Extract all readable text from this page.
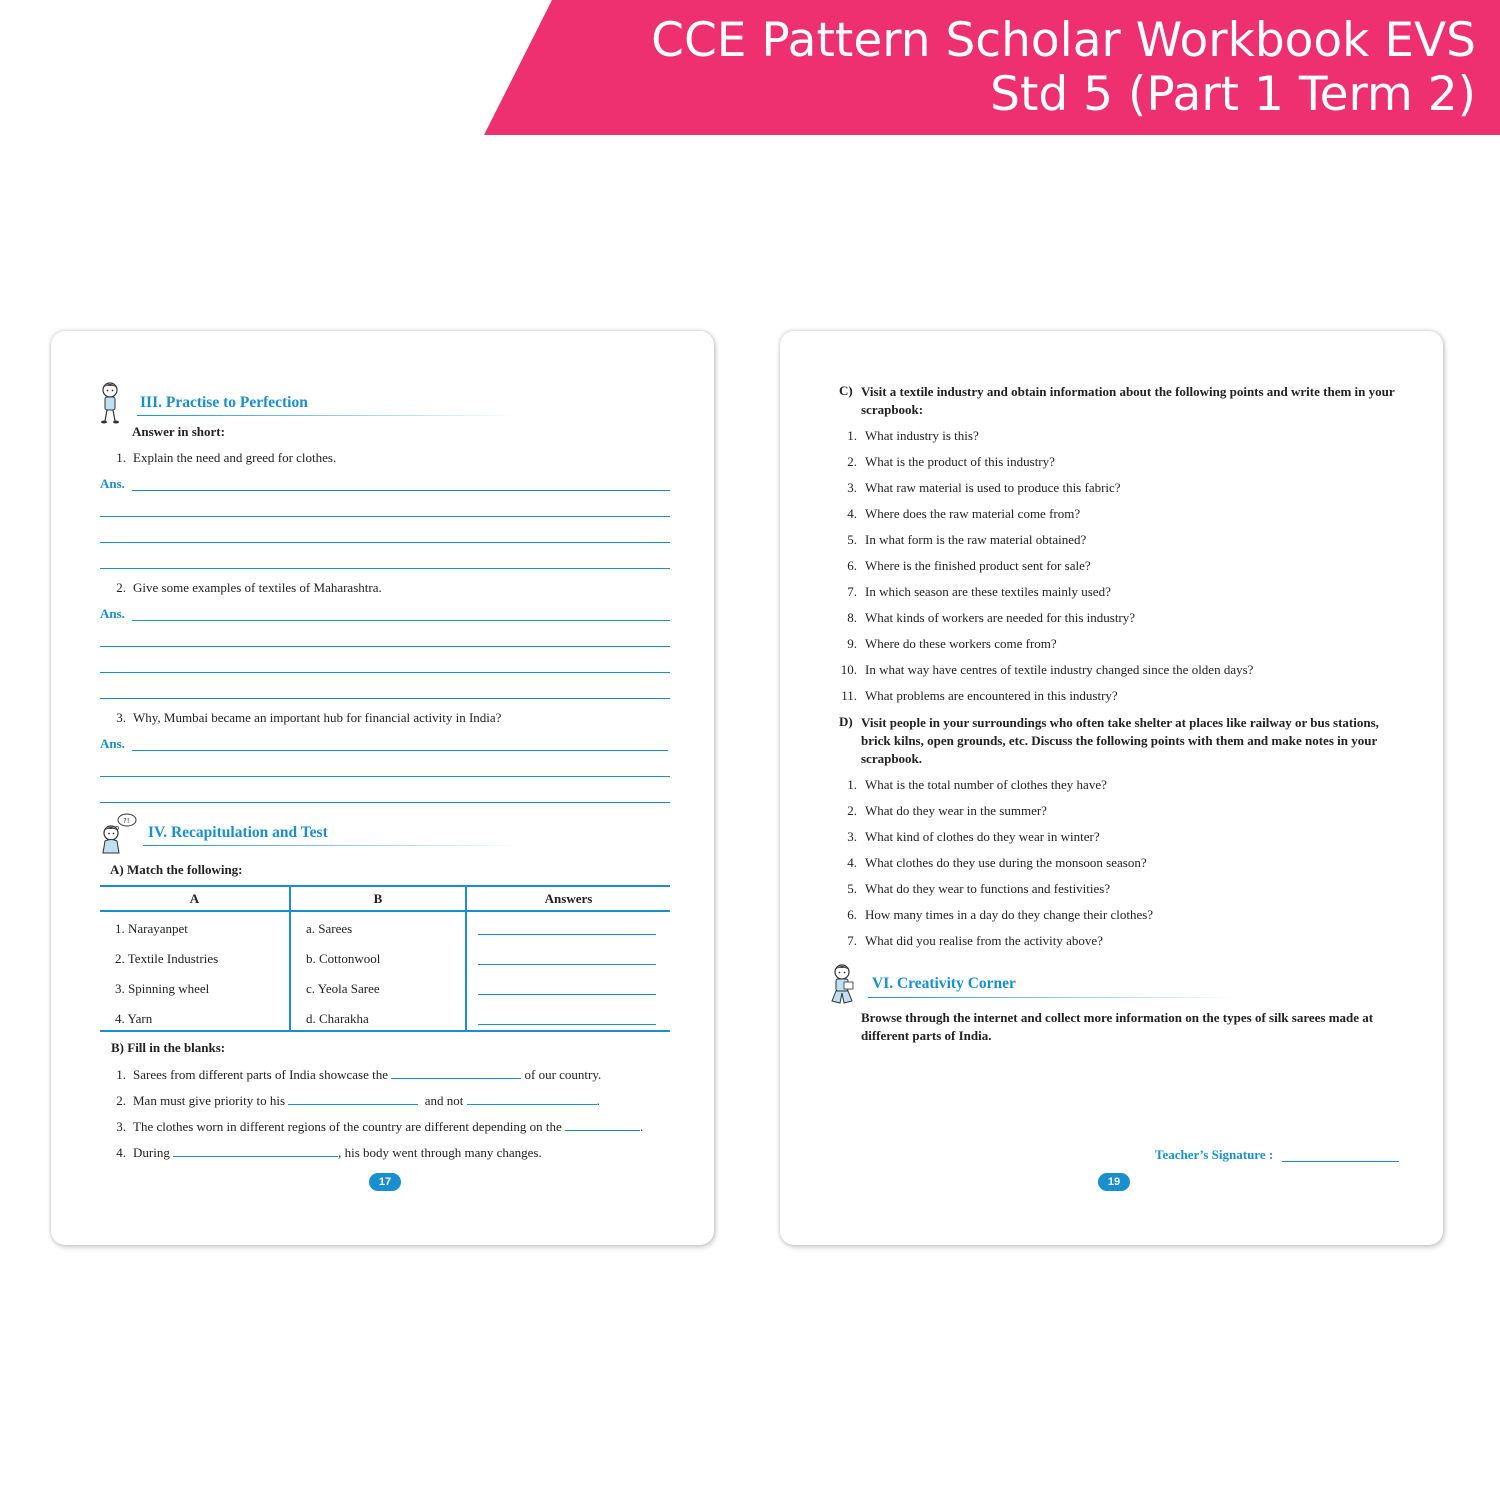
CCE Pattern Scholar Workbook EVS
Std 5 (Part 1 Term 2)
III. Practise to Perfection
Answer in short:
1. Explain the need and greed for clothes.
Ans.
2. Give some examples of textiles of Maharashtra.
Ans.
3. Why, Mumbai became an important hub for financial activity in India?
Ans.
?!
IV. Recapitulation and Test
A) Match the following:
A	B	Answers
1. Narayanpet	a. Sarees
2. Textile Industries	b. Cottonwool
3. Spinning wheel	c. Yeola Saree
4. Yarn	d. Charakha
B) Fill in the blanks:
1. Sarees from different parts of India showcase the	of our country.
2. Man must give priority to his	and not	.
3. The clothes worn in different regions of the country are different depending on the	.
4. During	, his body went through many changes.
17
C) Visit a textile industry and obtain information about the following points and write them in your scrapbook:
1. What industry is this?
2. What is the product of this industry?
3. What raw material is used to produce this fabric?
4. Where does the raw material come from?
5. In what form is the raw material obtained?
6. Where is the finished product sent for sale?
7. In which season are these textiles mainly used?
8. What kinds of workers are needed for this industry?
9. Where do these workers come from?
10. In what way have centres of textile industry changed since the olden days?
11. What problems are encountered in this industry?
D) Visit people in your surroundings who often take shelter at places like railway or bus stations, brick kilns, open grounds, etc. Discuss the following points with them and make notes in your scrapbook.
1. What is the total number of clothes they have?
2. What do they wear in the summer?
3. What kind of clothes do they wear in winter?
4. What clothes do they use during the monsoon season?
5. What do they wear to functions and festivities?
6. How many times in a day do they change their clothes?
7. What did you realise from the activity above?
VI. Creativity Corner
Browse through the internet and collect more information on the types of silk sarees made at different parts of India.
Teacher’s Signature :
19
